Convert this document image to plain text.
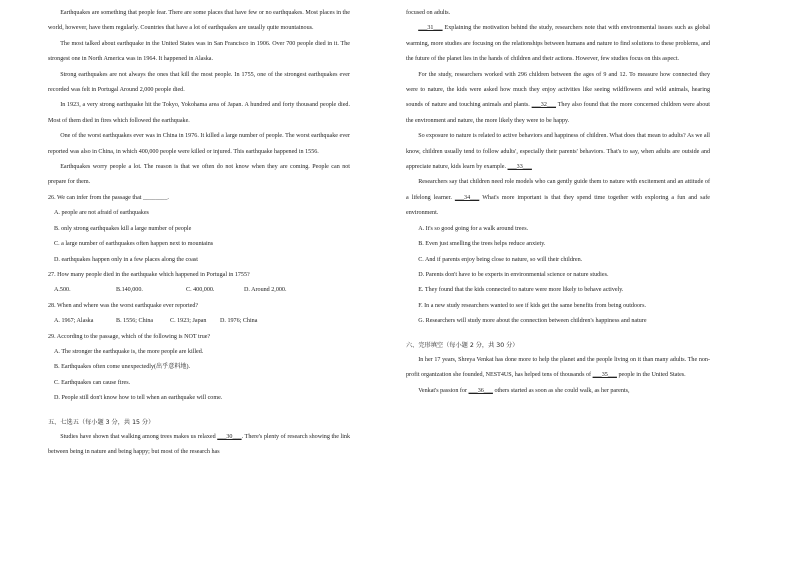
Earthquakes are something that people fear. There are some places that have few or no earthquakes. Most places in the world, however, have them regularly. Countries that have a lot of earthquakes are usually quite mountainous.

The most talked about earthquake in the United States was in San Francisco in 1906. Over 700 people died in it. The strongest one in North America was in 1964. It happened in Alaska.

Strong earthquakes are not always the ones that kill the most people. In 1755, one of the strongest earthquakes ever recorded was felt in Portugal Around 2,000 people died.

In 1923, a very strong earthquake hit the Tokyo, Yokohama area of Japan. A hundred and forty thousand people died. Most of them died in fires which followed the earthquake.

One of the worst earthquakes ever was in China in 1976. It killed a large number of people. The worst earthquake ever reported was also in China, in which 400,000 people were killed or injured. This earthquake happened in 1556.

Earthquakes worry people a lot. The reason is that we often do not know when they are coming. People can not prepare for them.

26. We can infer from the passage that ________.

A. people are not afraid of earthquakes

B. only strong earthquakes kill a large number of people

C. a large number of earthquakes often happen next to mountains

D. earthquakes happen only in a few places along the coast

27. How many people died in the earthquake which happened in Portugal in 1755?

A.500.	B.140,000.	C. 400,000.	D. Around 2,000.

28. When and where was the worst earthquake ever reported?

A. 1967; Alaska	B. 1556; China	C. 1923; Japan	D. 1976; China

29. According to the passage, which of the following is NOT true?

A. The stronger the earthquake is, the more people are killed.

B. Earthquakes often come unexpectedly(出乎意料地).

C. Earthquakes can cause fires.

D. People still don't know how to tell when an earthquake will come.

五、七选五（每小题 3 分，共 15 分）

Studies have shown that walking among trees makes us relaxed ___30___. There's plenty of research showing the link between being in nature and being happy; but most of the research has

focused on adults.

___31___ Explaining the motivation behind the study, researchers note that with environmental issues such as global warming, more studies are focusing on the relationships between humans and nature to find solutions to these problems, and the future of the planet lies in the hands of children and their actions. However, few studies focus on this aspect.

For the study, researchers worked with 296 children between the ages of 9 and 12. To measure how connected they were to nature, the kids were asked how much they enjoy activities like seeing wildflowers and wild animals, hearing sounds of nature and touching animals and plants. ___32___ They also found that the more concerned children were about the environment and nature, the more likely they were to be happy.

So exposure to nature is related to active behaviors and happiness of children. What does that mean to adults? As we all know, children usually tend to follow adults', especially their parents' behaviors. That's to say, when adults are outside and appreciate nature, kids learn by example. ___33___

Researchers say that children need role models who can gently guide them to nature with excitement and an attitude of a lifelong learner. ___34___ What's more important is that they spend time together with exploring a fun and safe environment.

A. It's so good going for a walk around trees.

B. Even just smelling the trees helps reduce anxiety.

C. And if parents enjoy being close to nature, so will their children.

D. Parents don't have to be experts in environmental science or nature studies.

E. They found that the kids connected to nature were more likely to behave actively.

F. In a new study researchers wanted to see if kids get the same benefits from being outdoors.

G. Researchers will study more about the connection between children's happiness and nature

六、完形填空（每小题 2 分，共 30 分）

In her 17 years, Shreya Venkat has done more to help the planet and the people living on it than many adults. The non-profit organization she founded, NEST4US, has helped tens of thousands of ___35___ people in the United States.

Venkat's passion for ___36___ others started as soon as she could walk, as her parents,
